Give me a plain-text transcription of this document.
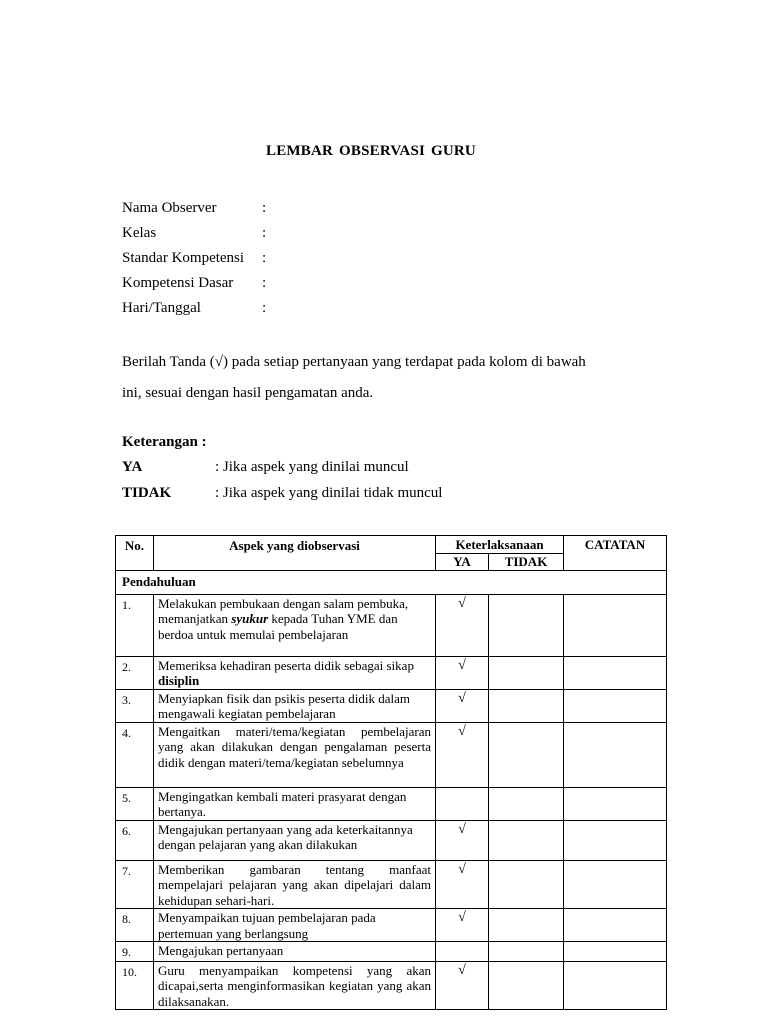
LEMBAR OBSERVASI GURU
Nama Observer	:
Kelas	:
Standar Kompetensi :
Kompetensi Dasar :
Hari/Tanggal	:
Berilah Tanda (√) pada setiap pertanyaan yang terdapat pada kolom di bawah
ini, sesuai dengan hasil pengamatan anda.
Keterangan :
YA	: Jika aspek yang dinilai muncul
TIDAK	: Jika aspek yang dinilai tidak muncul
No.	Aspek yang diobservasi	Keterlaksanaan		CATATAN
		YA	TIDAK	
Pendahuluan				
1.	Melakukan pembukaan dengan salam pembuka, memanjatkan syukur kepada Tuhan YME dan berdoa untuk memulai pembelajaran	√		
2.	Memeriksa kehadiran peserta didik sebagai sikap disiplin	√		
3.	Menyiapkan fisik dan psikis peserta didik dalam mengawali kegiatan pembelajaran	√		
4.	Mengaitkan materi/tema/kegiatan pembelajaran yang akan dilakukan dengan pengalaman peserta didik dengan materi/tema/kegiatan sebelumnya	√		
5.	Mengingatkan kembali materi prasyarat dengan bertanya.			
6.	Mengajukan pertanyaan yang ada keterkaitannya dengan pelajaran yang akan dilakukan	√		
7.	Memberikan gambaran tentang manfaat mempelajari pelajaran yang akan dipelajari dalam kehidupan sehari-hari.	√		
8.	Menyampaikan tujuan pembelajaran pada pertemuan yang berlangsung	√		
9.	Mengajukan pertanyaan			
10.	Guru menyampaikan kompetensi yang akan dicapai,serta menginformasikan kegiatan yang akan dilaksanakan.	√		
